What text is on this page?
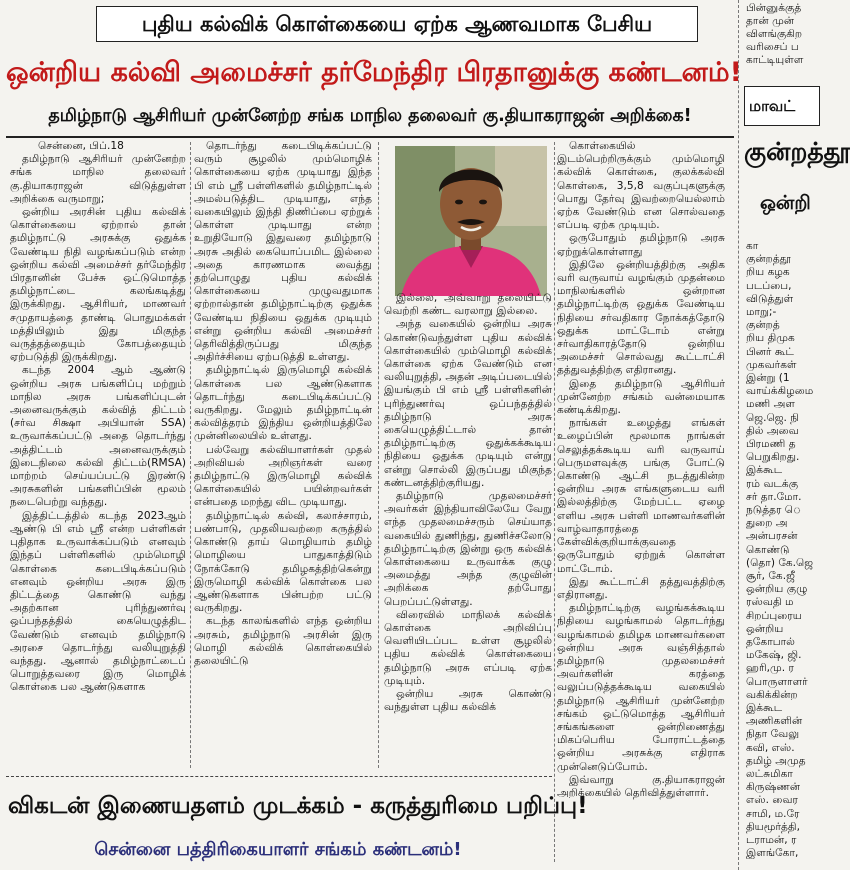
புதிய கல்விக் கொள்கையை ஏற்க ஆணவமாக பேசிய
ஒன்றிய கல்வி அமைச்சர் தர்மேந்திர பிரதானுக்கு கண்டனம்!
தமிழ்நாடு ஆசிரியர் முன்னேற்ற சங்க மாநில தலைவர் கு.தியாகராஜன் அறிக்கை!

சென்னை, பிப்.18

தமிழ்நாடு ஆசிரியர் முன்னேற்ற சங்க மாநில தலைவர் கு.தியாகராஜன் விடுத்துள்ள அறிக்கை வருமாறு;

ஒன்றிய அரசின் புதிய கல்விக் கொள்கையை ஏற்றால் தான் தமிழ்நாட்டு அரசுக்கு ஒதுக்க வேண்டிய நிதி வழங்கப்படும் என்ற ஒன்றிய கல்வி அமைச்சர் தர்மேந்திர பிரதானின் பேச்சு ஒட்டுமொத்த தமிழ்நாட்டை கலங்கடித்து இருக்கிறது. ஆசிரியர், மாணவர் சமுதாயத்தை தாண்டி பொதுமக்கள் மத்தியிலும் இது மிகுந்த வருத்தத்தையும் கோபத்தையும் ஏற்படுத்தி இருக்கிறது.

கடந்த 2004 ஆம் ஆண்டு ஒன்றிய அரசு பங்களிப்பு மற்றும் மாநில அரசு பங்களிப்புடன் அனைவருக்கும் கல்வித் திட்டம் (சர்வ சிக்ஷா அபியான் SSA) உருவாக்கப்பட்டு அதை தொடர்ந்து அத்திட்டம் அனைவருக்கும் இடைநிலை கல்வி திட்டம்(RMSA) மாற்றம் செய்யப்பட்டு இரண்டு அரசுகளின் பங்களிப்பின் மூலம் நடைபெற்று வந்தது.

இத்திட்டத்தில் கடந்த 2023ஆம் ஆண்டு பி எம் ஸ்ரீ என்ற பள்ளிகள் புதிதாக உருவாக்கப்படும் எனவும் இந்தப் பள்ளிகளில் மும்மொழி கொள்கை கடைபிடிக்கப்படும் எனவும் ஒன்றிய அரசு இரு திட்டத்தை கொண்டு வந்து அதற்கான புரிந்துணர்வு ஒப்பந்தத்தில் கையெழுத்திட வேண்டும் எனவும் தமிழ்நாடு அரசை தொடர்ந்து வலியுறுத்தி வந்தது. ஆனால் தமிழ்நாட்டைப் பொறுத்தவரை இரு மொழிக் கொள்கை பல ஆண்டுகளாக

தொடர்ந்து கடைபிடிக்கப்பட்டு வரும் சூழலில் மும்மொழிக் கொள்கையை ஏற்க முடியாது இந்த பி எம் ஸ்ரீ பள்ளிகளில் தமிழ்நாட்டில் அமல்படுத்திட முடியாது, எந்த வகையிலும் இந்தி திணிப்பை ஏற்றுக் கொள்ள முடியாது என்ற உறுதியோடு இதுவரை தமிழ்நாடு அரசு அதில் கையொப்பமிட இல்லை அதை காரணமாக வைத்து தற்பொழுது புதிய கல்விக் கொள்கையை முழுவதுமாக ஏற்றால்தான் தமிழ்நாட்டிற்கு ஒதுக்க வேண்டிய நிதியை ஒதுக்க முடியும் என்று ஒன்றிய கல்வி அமைச்சர் தெரிவித்திருப்பது மிகுந்த அதிர்ச்சியை ஏற்படுத்தி உள்ளது.

தமிழ்நாட்டில் இருமொழி கல்விக் கொள்கை பல ஆண்டுகளாக தொடர்ந்து கடைபிடிக்கப்பட்டு வருகிறது. மேலும் தமிழ்நாட்டின் கல்வித்தரம் இந்திய ஒன்றியத்திலே முன்னிலையில் உள்ளது.

பல்வேறு கல்வியாளர்கள் முதல் அறிவியல் அறிஞர்கள் வரை தமிழ்நாட்டு இருமொழி கல்விக் கொள்கையில் பயின்றவர்கள் என்பதை மறந்து விட முடியாது.

தமிழ்நாட்டில் கல்வி, கலாச்சாரம், பண்பாடு, முதலியவற்றை கருத்தில் கொண்டு தாய் மொழியாம் தமிழ் மொழியை பாதுகாத்திடும் நோக்கோடு தமிழகத்திற்கென்று இருமொழி கல்விக் கொள்கை பல ஆண்டுகளாக பின்பற்ற பட்டு வருகிறது.

கடந்த காலங்களில் எந்த ஒன்றிய அரசும், தமிழ்நாடு அரசின் இரு மொழி கல்விக் கொள்கையில் தலையிட்டு

இல்லை, அவ்வாறு தலையிட்டு வெற்றி கண்ட வரலாறு இல்லை.

அந்த வகையில் ஒன்றிய அரசு கொண்டுவந்துள்ள புதிய கல்விக் கொள்கையில் மும்மொழி கல்விக் கொள்கை ஏற்க வேண்டும் என வலியுறுத்தி, அதன் அடிப்படையில் இயங்கும் பி எம் ஸ்ரீ பள்ளிகளின் புரிந்துணர்வு ஒப்பந்தத்தில் தமிழ்நாடு அரசு கையெழுத்திட்டால் தான் தமிழ்நாட்டிற்கு ஒதுக்கக்கூடிய நிதியை ஒதுக்க முடியும் என்று என்று சொல்லி இருப்பது மிகுந்த கண்டனத்திற்குரியது.

தமிழ்நாடு முதலமைச்சர் அவர்கள் இந்தியாவிலேயே வேறு எந்த முதலமைச்சரும் செய்யாத வகையில் துணிந்து, துணிச்சலோடு தமிழ்நாட்டிற்கு இன்று ஒரு கல்விக் கொள்கையை உருவாக்க குழு அமைத்து அந்த குழுவின் அறிக்கை தற்போது பெறப்பட்டுள்ளது.

விரைவில் மாநிலக் கல்விக் கொள்கை அறிவிப்பு வெளியிடப்பட உள்ள சூழலில் புதிய கல்விக் கொள்கையை தமிழ்நாடு அரசு எப்படி ஏற்க முடியும்.

ஒன்றிய அரசு கொண்டு வந்துள்ள புதிய கல்விக்

கொள்கையில் இடம்பெற்றிருக்கும் மும்மொழி கல்விக் கொள்கை, குலக்கல்வி கொள்கை, 3,5,8 வகுப்புகளுக்கு பொது தேர்வு இவற்றையெல்லாம் ஏற்க வேண்டும் என சொல்வதை எப்படி ஏற்க முடியும்.

ஒருபோதும் தமிழ்நாடு அரசு ஏற்றுக்கொள்ளாது

இதிலே ஒன்றியத்திற்கு அதிக வரி வருவாய் வழங்கும் முதன்மை மாநிலங்களில் ஒன்றான தமிழ்நாட்டிற்கு ஒதுக்க வேண்டிய நிதியை சர்வதிகார நோக்கத்தோடு ஒதுக்க மாட்டோம் என்று சர்வாதிகாரத்தோடு ஒன்றிய அமைச்சர் சொல்வது கூட்டாட்சி தத்துவத்திற்கு எதிரானது.

இதை தமிழ்நாடு ஆசிரியர் முன்னேற்ற சங்கம் வன்மையாக கண்டிக்கிறது.

நாங்கள் உழைத்து எங்கள் உழைப்பின் மூலமாக நாங்கள் செலுத்தக்கூடிய வரி வருவாய் பெருமளவுக்கு பங்கு போட்டு கொண்டு ஆட்சி நடத்துகின்ற ஒன்றிய அரசு எங்களுடைய வரி இல்லத்திற்கு மேற்பட்ட ஏழை எளிய அரசு பள்ளி மாணவர்களின் வாழ்வாதாரத்தை கேள்விக்குறியாக்குவதை ஒருபோதும் ஏற்றுக் கொள்ள மாட்டோம்.

இது கூட்டாட்சி தத்துவத்திற்கு எதிரானது.

தமிழ்நாட்டிற்கு வழங்கக்கூடிய நிதியை வழங்காமல் தொடர்ந்து வழங்காமல் தமிழக மாணவர்களை ஒன்றிய அரசு வஞ்சித்தால் தமிழ்நாடு முதலமைச்சர் அவர்களின் கரத்தை வலுப்படுத்தக்கூடிய வகையில் தமிழ்நாடு ஆசிரியர் முன்னேற்ற சங்கம் ஒட்டுமொத்த ஆசிரியர் சங்கங்களை ஒன்றிணைத்து மிகப்பெரிய போராட்டத்தை ஒன்றிய அரசுக்கு எதிராக முன்னெடுப்போம்.

இவ்வாறு கு.தியாகராஜன் அறிக்கையில் தெரிவித்துள்ளார்.

விகடன் இணையதளம் முடக்கம் - கருத்துரிமை பறிப்பு!
சென்னை பத்திரிகையாளர் சங்கம் கண்டனம்!
பின்னுக்குத்
தான் முன்
விளங்குகிற
வரிசைப் ப
காட்டியுள்ள
மாவட்
குன்றத்தூ
ஒன்றி
கா
குன்றத்தூ
றிய கழக
படப்பை,
விடுத்துள்
மாறு;-
குன்றத்
றிய திமுக
பினர் கூட்
முகவர்கள்
இன்று (1
வாய்க்கிழமை
மணி அள
ஜெ.ஜெ. நி
தில் அவை
பிரமணி த
பெறுகிறது.
இக்கூட
ரம் வடக்கு
சர் தா.மோ.
நடுத்தர ெ
துறை அ
அன்பரசன்
கொண்டு
(தொ) கே.ஜெ
சூர், கே.ஜீ
ஒன்றிய குழு
ரஸ்வதி ம
சிறப்புரைய
ஒன்றிய
தகோபால்
மகேஷ், ஜி.
ஹரி,மு. ர
பொருளாளர்
வகிக்கின்ற
இக்கூட
அணிகளின்
நிதா வேலு
கவி, எஸ்.
தமிழ் அமுத
லட்சுமிகா
கிருஷ்ணன்
எஸ். வைர
சாமி, ம.ரே
தியமூர்த்தி,
டராமன், ர
இளங்கோ,
